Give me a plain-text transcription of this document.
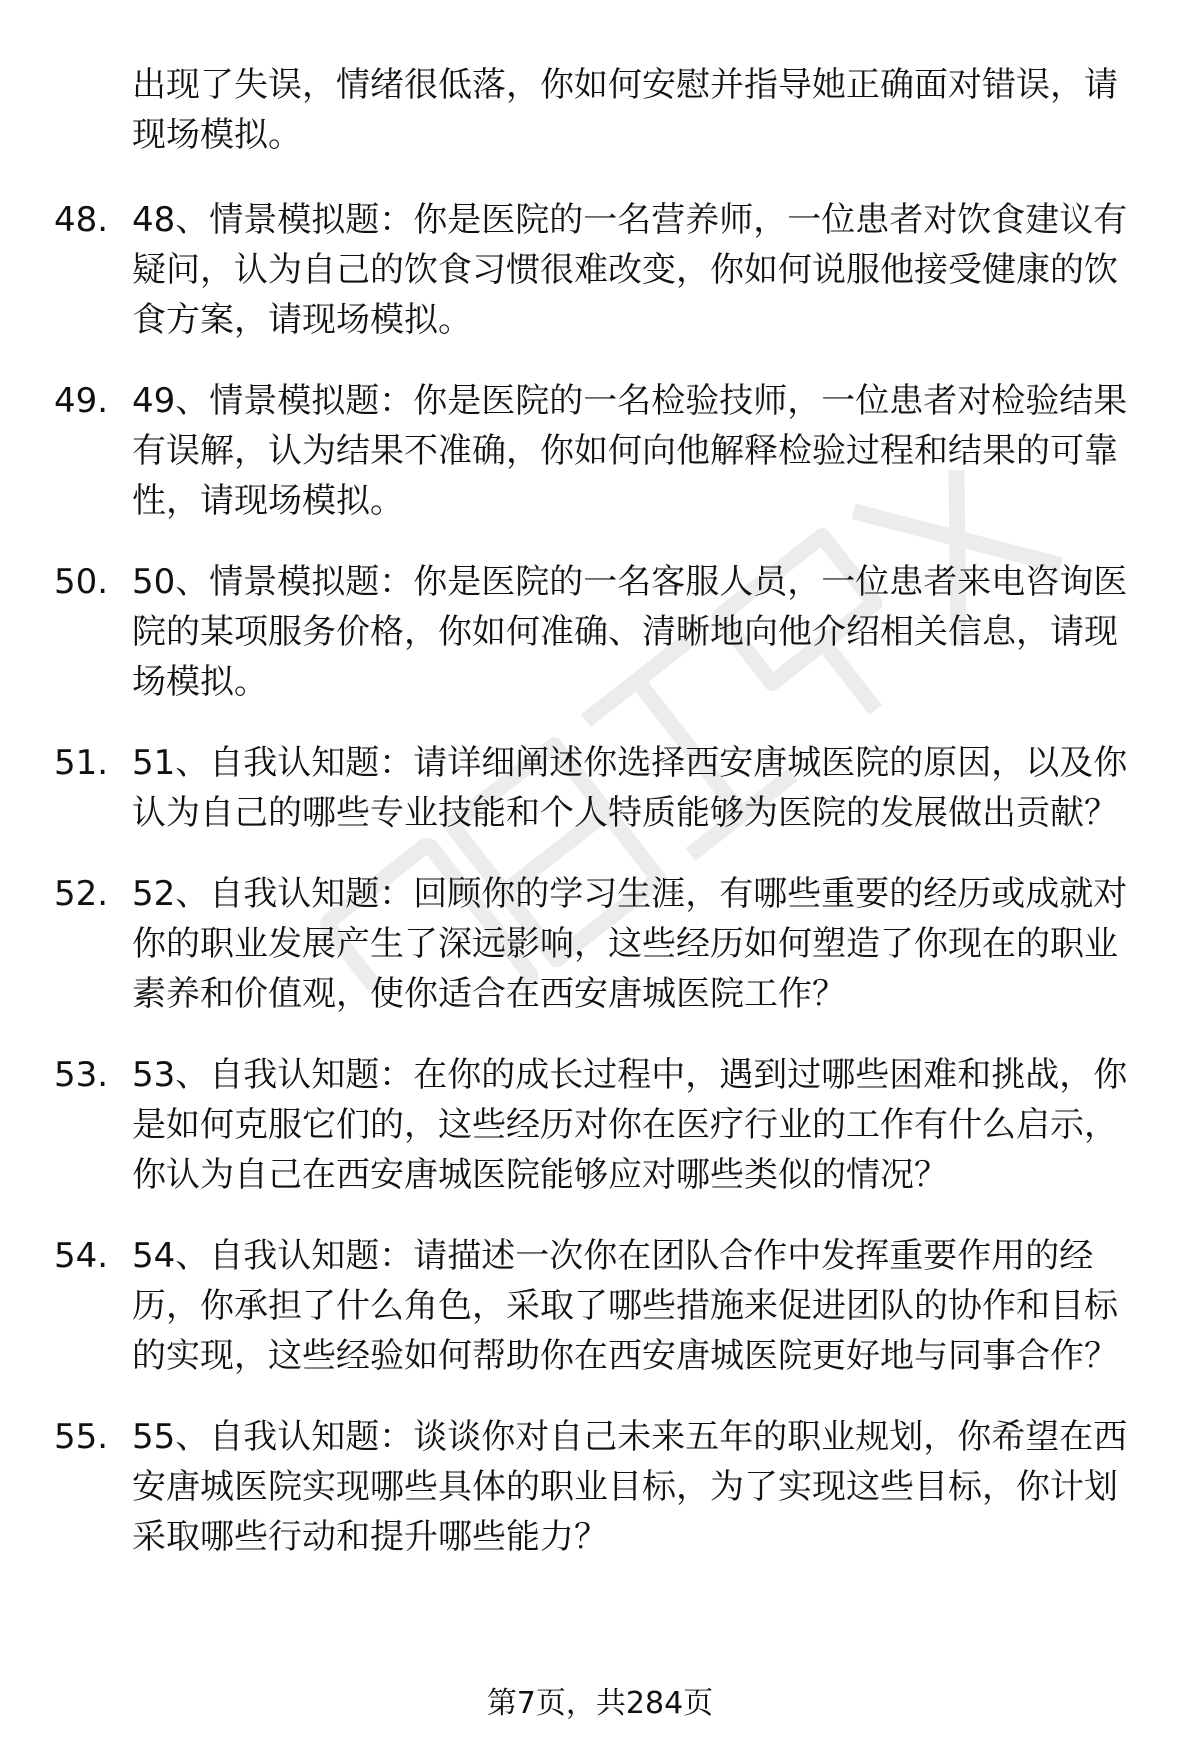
出现了失误，情绪很低落，你如何安慰并指导她正确面对错误，请现场模拟。

48. 48、情景模拟题：你是医院的一名营养师，一位患者对饮食建议有疑问，认为自己的饮食习惯很难改变，你如何说服他接受健康的饮食方案，请现场模拟。
49. 49、情景模拟题：你是医院的一名检验技师，一位患者对检验结果有误解，认为结果不准确，你如何向他解释检验过程和结果的可靠性，请现场模拟。
50. 50、情景模拟题：你是医院的一名客服人员，一位患者来电咨询医院的某项服务价格，你如何准确、清晰地向他介绍相关信息，请现场模拟。
51. 51、自我认知题：请详细阐述你选择西安唐城医院的原因，以及你认为自己的哪些专业技能和个人特质能够为医院的发展做出贡献？
52. 52、自我认知题：回顾你的学习生涯，有哪些重要的经历或成就对你的职业发展产生了深远影响，这些经历如何塑造了你现在的职业素养和价值观，使你适合在西安唐城医院工作？
53. 53、自我认知题：在你的成长过程中，遇到过哪些困难和挑战，你是如何克服它们的，这些经历对你在医疗行业的工作有什么启示，你认为自己在西安唐城医院能够应对哪些类似的情况？
54. 54、自我认知题：请描述一次你在团队合作中发挥重要作用的经历，你承担了什么角色，采取了哪些措施来促进团队的协作和目标的实现，这些经验如何帮助你在西安唐城医院更好地与同事合作？
55. 55、自我认知题：谈谈你对自己未来五年的职业规划，你希望在西安唐城医院实现哪些具体的职业目标，为了实现这些目标，你计划采取哪些行动和提升哪些能力？
第7页，共284页
